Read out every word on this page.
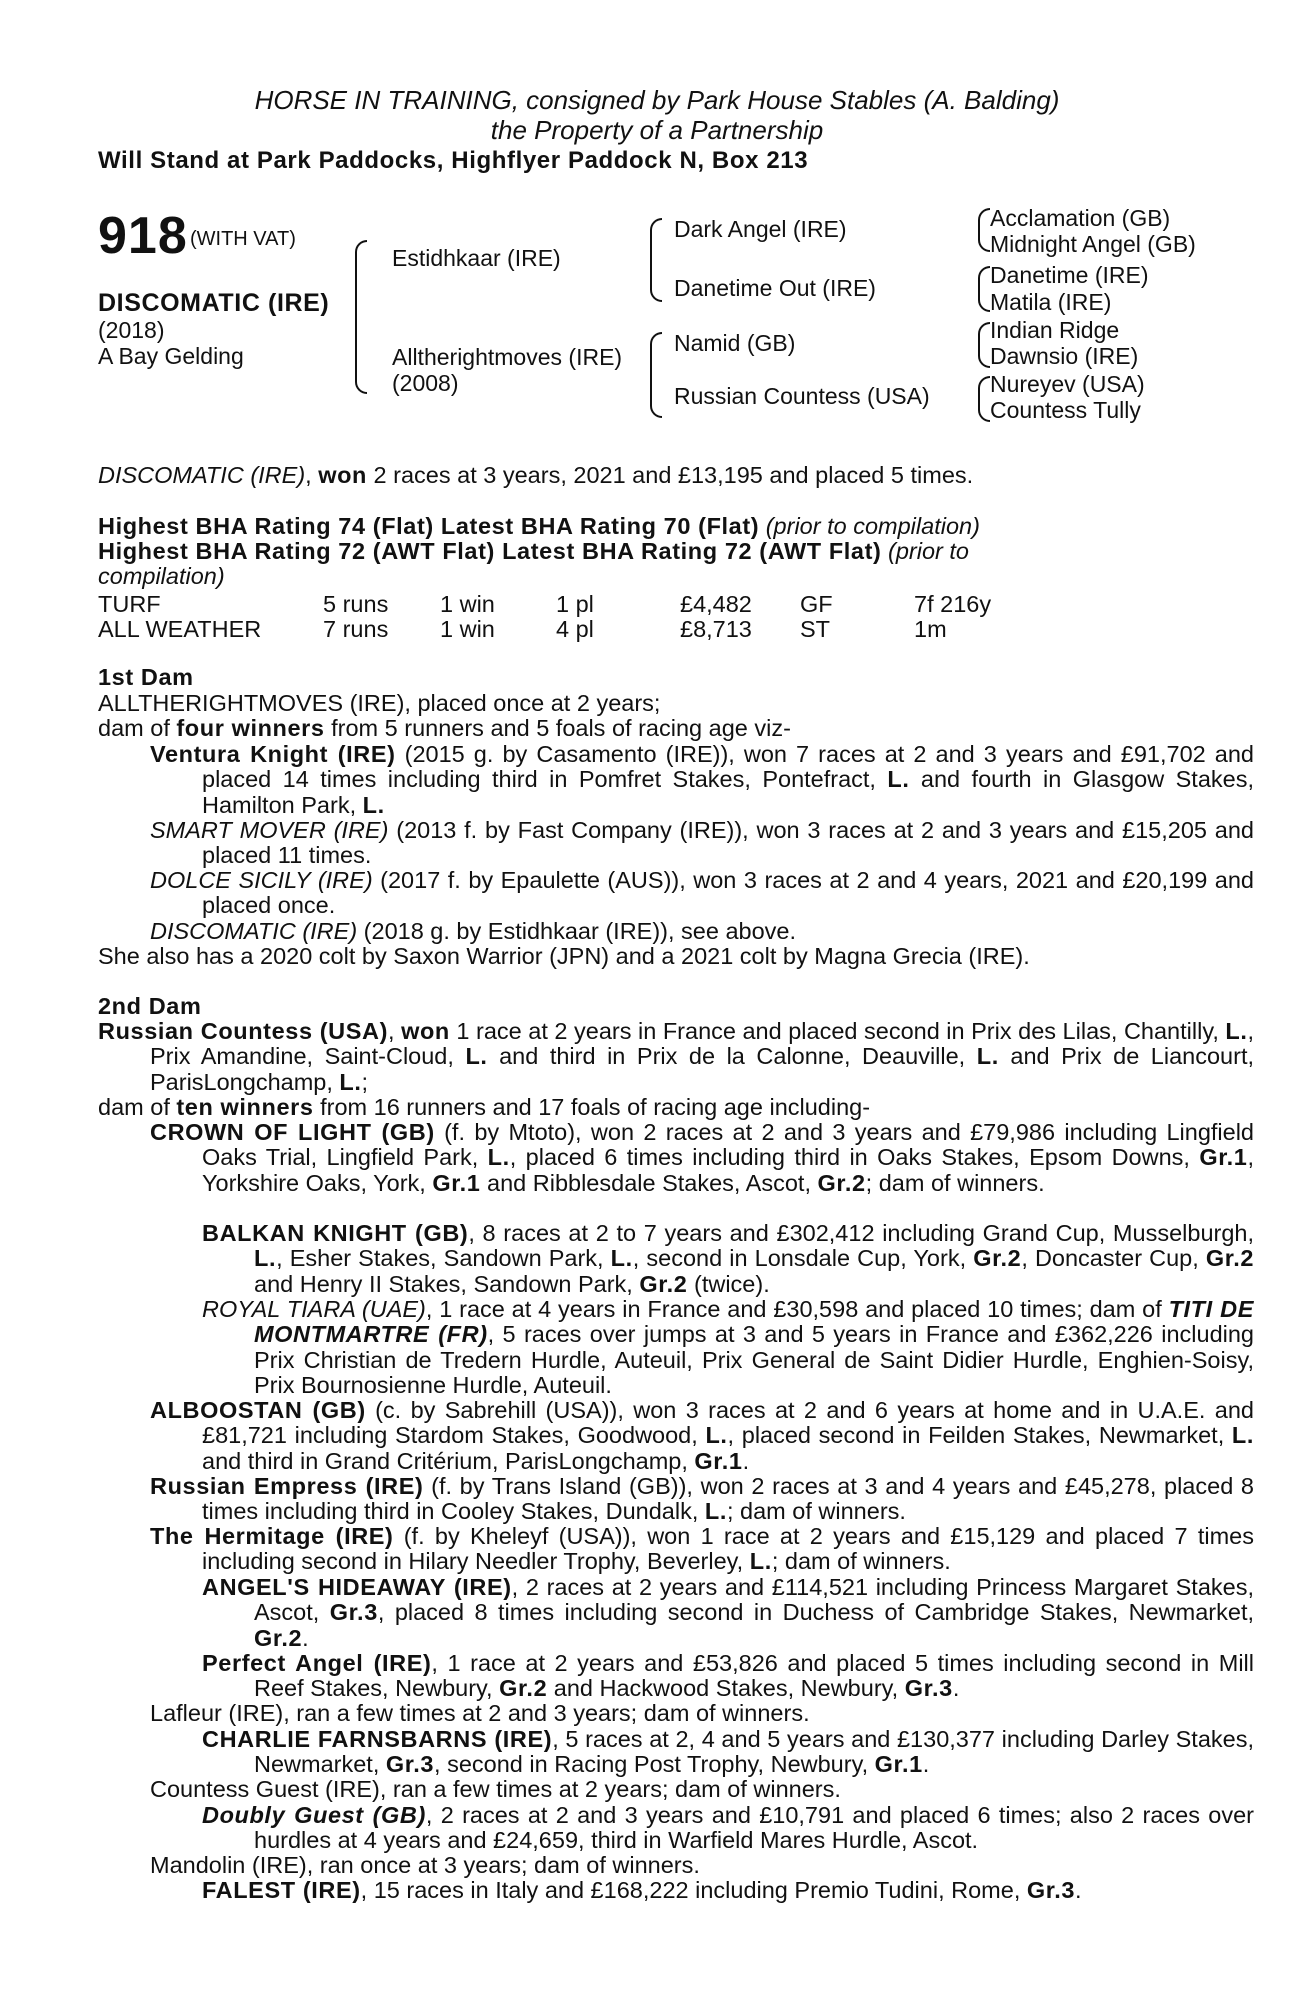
HORSE IN TRAINING, consigned by Park House Stables (A. Balding)
the Property of a Partnership
Will Stand at Park Paddocks, Highflyer Paddock N, Box 213
918 (WITH VAT)
DISCOMATIC (IRE)
(2018)
A Bay Gelding
Estidhkaar (IRE)
Alltherightmoves (IRE)
(2008)
Dark Angel (IRE)
Danetime Out (IRE)
Namid (GB)
Russian Countess (USA)
Acclamation (GB)
Midnight Angel (GB)
Danetime (IRE)
Matila (IRE)
Indian Ridge
Dawnsio (IRE)
Nureyev (USA)
Countess Tully

DISCOMATIC (IRE), won 2 races at 3 years, 2021 and £13,195 and placed 5 times.

Highest BHA Rating 74 (Flat) Latest BHA Rating 70 (Flat) (prior to compilation)

Highest BHA Rating 72 (AWT Flat) Latest BHA Rating 72 (AWT Flat) (prior to
compilation)

TURF	5 runs 1 win	1 pl	£4,482 GF	7f 216y
ALL WEATHER	7 runs 1 win	4 pl	£8,713 ST	1m

1st Dam

ALLTHERIGHTMOVES (IRE), placed once at 2 years;

dam of four winners from 5 runners and 5 foals of racing age viz-

Ventura Knight (IRE) (2015 g. by Casamento (IRE)), won 7 races at 2 and 3 years and £91,702 and placed 14 times including third in Pomfret Stakes, Pontefract, L. and fourth in Glasgow Stakes, Hamilton Park, L.

SMART MOVER (IRE) (2013 f. by Fast Company (IRE)), won 3 races at 2 and 3 years and £15,205 and placed 11 times.

DOLCE SICILY (IRE) (2017 f. by Epaulette (AUS)), won 3 races at 2 and 4 years, 2021 and £20,199 and placed once.

DISCOMATIC (IRE) (2018 g. by Estidhkaar (IRE)), see above.

She also has a 2020 colt by Saxon Warrior (JPN) and a 2021 colt by Magna Grecia (IRE).

2nd Dam

Russian Countess (USA), won 1 race at 2 years in France and placed second in Prix des Lilas, Chantilly, L., Prix Amandine, Saint-Cloud, L. and third in Prix de la Calonne, Deauville, L. and Prix de Liancourt, ParisLongchamp, L.;

dam of ten winners from 16 runners and 17 foals of racing age including-

CROWN OF LIGHT (GB) (f. by Mtoto), won 2 races at 2 and 3 years and £79,986 including Lingfield Oaks Trial, Lingfield Park, L., placed 6 times including third in Oaks Stakes, Epsom Downs, Gr.1, Yorkshire Oaks, York, Gr.1 and Ribblesdale Stakes, Ascot, Gr.2; dam of winners.

BALKAN KNIGHT (GB), 8 races at 2 to 7 years and £302,412 including Grand Cup, Musselburgh, L., Esher Stakes, Sandown Park, L., second in Lonsdale Cup, York, Gr.2, Doncaster Cup, Gr.2 and Henry II Stakes, Sandown Park, Gr.2 (twice).

ROYAL TIARA (UAE), 1 race at 4 years in France and £30,598 and placed 10 times; dam of TITI DE MONTMARTRE (FR), 5 races over jumps at 3 and 5 years in France and £362,226 including Prix Christian de Tredern Hurdle, Auteuil, Prix General de Saint Didier Hurdle, Enghien-Soisy, Prix Bournosienne Hurdle, Auteuil.

ALBOOSTAN (GB) (c. by Sabrehill (USA)), won 3 races at 2 and 6 years at home and in U.A.E. and £81,721 including Stardom Stakes, Goodwood, L., placed second in Feilden Stakes, Newmarket, L. and third in Grand Critérium, ParisLongchamp, Gr.1.

Russian Empress (IRE) (f. by Trans Island (GB)), won 2 races at 3 and 4 years and £45,278, placed 8 times including third in Cooley Stakes, Dundalk, L.; dam of winners.

The Hermitage (IRE) (f. by Kheleyf (USA)), won 1 race at 2 years and £15,129 and placed 7 times including second in Hilary Needler Trophy, Beverley, L.; dam of winners.

ANGEL'S HIDEAWAY (IRE), 2 races at 2 years and £114,521 including Princess Margaret Stakes, Ascot, Gr.3, placed 8 times including second in Duchess of Cambridge Stakes, Newmarket, Gr.2.

Perfect Angel (IRE), 1 race at 2 years and £53,826 and placed 5 times including second in Mill Reef Stakes, Newbury, Gr.2 and Hackwood Stakes, Newbury, Gr.3.

Lafleur (IRE), ran a few times at 2 and 3 years; dam of winners.

CHARLIE FARNSBARNS (IRE), 5 races at 2, 4 and 5 years and £130,377 including Darley Stakes, Newmarket, Gr.3, second in Racing Post Trophy, Newbury, Gr.1.

Countess Guest (IRE), ran a few times at 2 years; dam of winners.

Doubly Guest (GB), 2 races at 2 and 3 years and £10,791 and placed 6 times; also 2 races over hurdles at 4 years and £24,659, third in Warfield Mares Hurdle, Ascot.

Mandolin (IRE), ran once at 3 years; dam of winners.

FALEST (IRE), 15 races in Italy and £168,222 including Premio Tudini, Rome, Gr.3.
